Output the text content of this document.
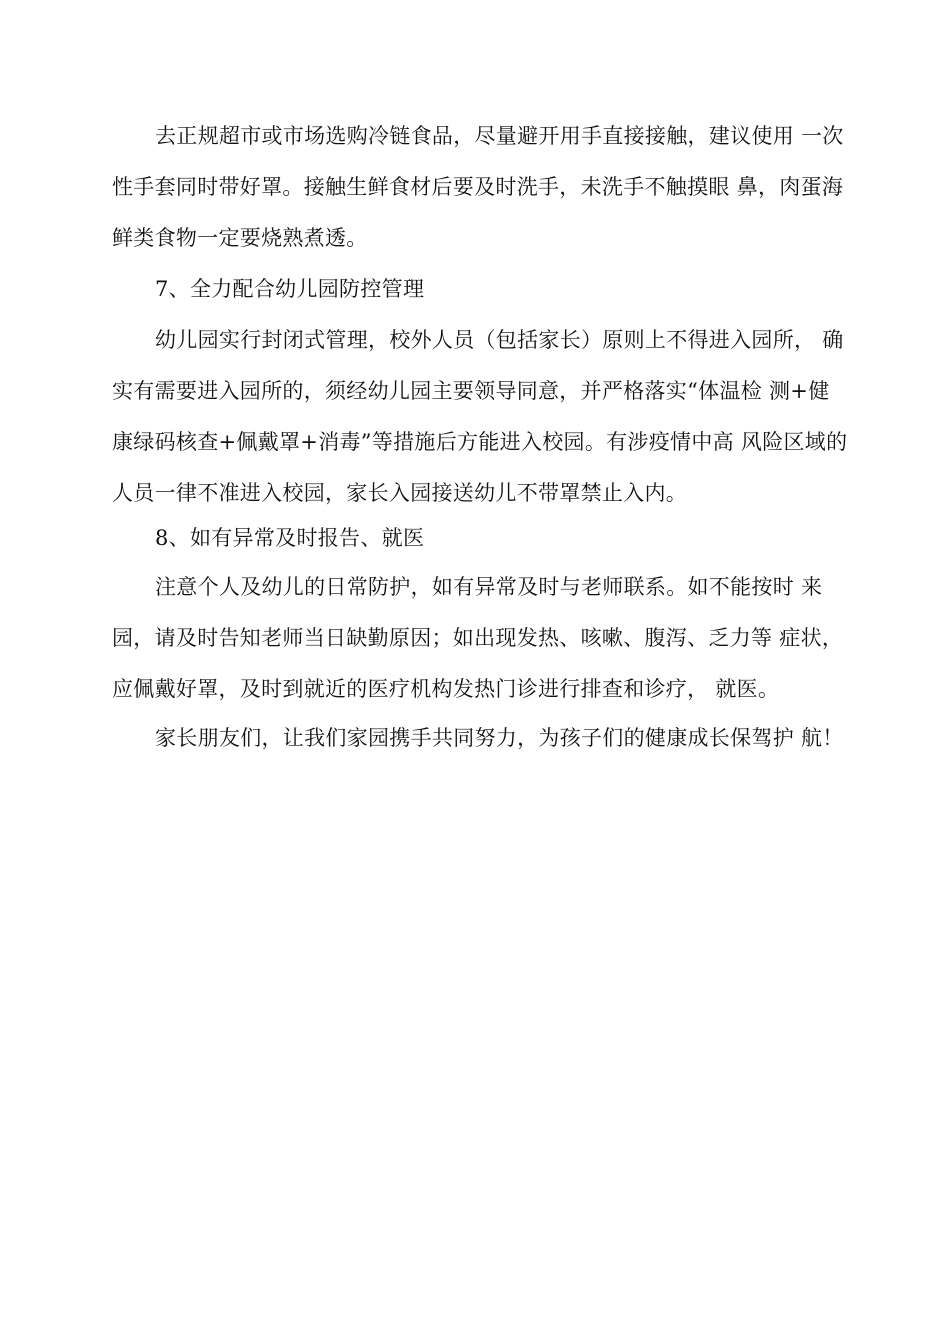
去正规超市或市场选购冷链食品，尽量避开用手直接接触，建议使用 一次

性手套同时带好罩。接触生鲜食材后要及时洗手，未洗手不触摸眼 鼻，肉蛋海

鲜类食物一定要烧熟煮透。

7、全力配合幼儿园防控管理

幼儿园实行封闭式管理，校外人员（包括家长）原则上不得进入园所， 确

实有需要进入园所的，须经幼儿园主要领导同意，并严格落实“体温检 测+健

康绿码核查+佩戴罩+消毒”等措施后方能进入校园。有涉疫情中高 风险区域的

人员一律不准进入校园，家长入园接送幼儿不带罩禁止入内。

8、如有异常及时报告、就医

注意个人及幼儿的日常防护，如有异常及时与老师联系。如不能按时 来

园，请及时告知老师当日缺勤原因；如出现发热、咳嗽、腹泻、乏力等 症状，

应佩戴好罩，及时到就近的医疗机构发热门诊进行排查和诊疗， 就医。

家长朋友们，让我们家园携手共同努力，为孩子们的健康成长保驾护 航！
